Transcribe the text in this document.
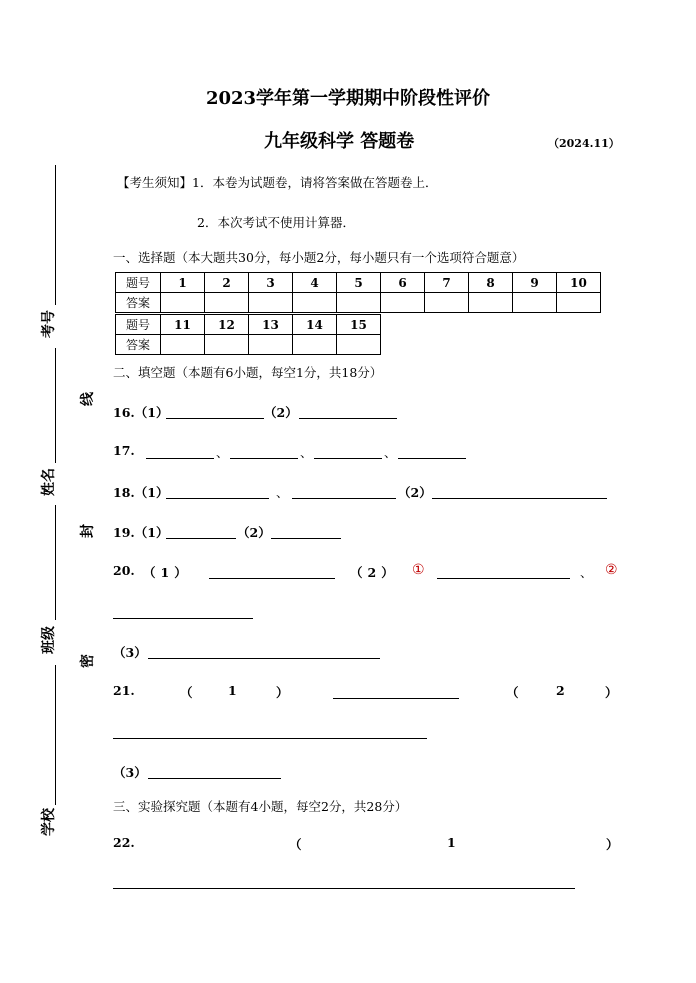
2023学年第一学期期中阶段性评价
九年级科学 答题卷	（2024.11）
考号
姓名
班级
学校
线
封
密
【考生须知】1．本卷为试题卷，请将答案做在答题卷上．
2．本次考试不使用计算器．
一、选择题（本大题共30分，每小题2分，每小题只有一个选项符合题意）
题号	1	2	3	4	5	6	7	8	9	10
答案										
题号	11	12	13	14	15
答案					
二、填空题（本题有6小题，每空1分，共18分）
16.（1）	（2）
17.	、	、	、
18.（1）	、	（2）
19.（1）	（2）
20. （1）	（2） ①	、 ②
（3）
21.	（	1	）	（	2	）
（3）
三、实验探究题（本题有4小题，每空2分，共28分）
22.	（	1	）
